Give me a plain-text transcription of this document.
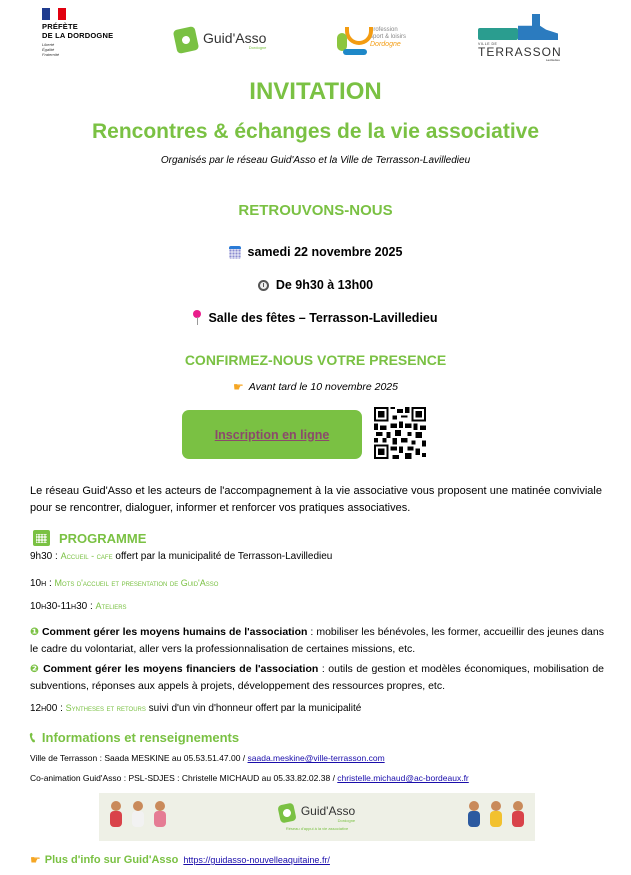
PRÉFÈTE
DE LA DORDOGNE
Liberté
Égalité
Fraternité
Guid'Asso
Dordogne
profession
sport & loisirs
Dordogne	VILLE DE
TERRASSON
Lavilledieu
INVITATION
Rencontres & échanges de la vie associative
Organisés par le réseau Guid'Asso et la Ville de Terrasson-Lavilledieu
RETROUVONS-NOUS
samedi 22 novembre 2025
De 9h30 à 13h00
Salle des fêtes – Terrasson-Lavilledieu
CONFIRMEZ-NOUS VOTRE PRESENCE
☛ Avant tard le 10 novembre 2025
Inscription en ligne
Le réseau Guid'Asso et les acteurs de l'accompagnement à la vie associative vous proposent une matinée conviviale pour se rencontrer, dialoguer, informer et renforcer vos pratiques associatives.
PROGRAMME
9h30 : Accueil - cafe offert par la municipalité de Terrasson-Lavilledieu
10h : Mots d'accueil et presentation de Guid'Asso
10h30-11h30 : Ateliers
❶ Comment gérer les moyens humains de l'association : mobiliser les bénévoles, les former, accueillir des jeunes dans le cadre du volontariat, aller vers la professionnalisation de certaines missions, etc.
❷ Comment gérer les moyens financiers de l'association : outils de gestion et modèles économiques, mobilisation de subventions, réponses aux appels à projets, développement des ressources propres, etc.
12h00 : Syntheses et retours suivi d'un vin d'honneur offert par la municipalité
📞︎ Informations et renseignements
Ville de Terrasson : Saada MESKINE au 05.53.51.47.00 / saada.meskine@ville-terrasson.com
Co-animation Guid'Asso : PSL-SDJES : Christelle MICHAUD au 05.33.82.02.38 / christelle.michaud@ac-bordeaux.fr
Guid'Asso
Dordogne
Réseau d'appui à la vie associative
☛ Plus d'info sur Guid'Asso https://guidasso-nouvelleaquitaine.fr/
